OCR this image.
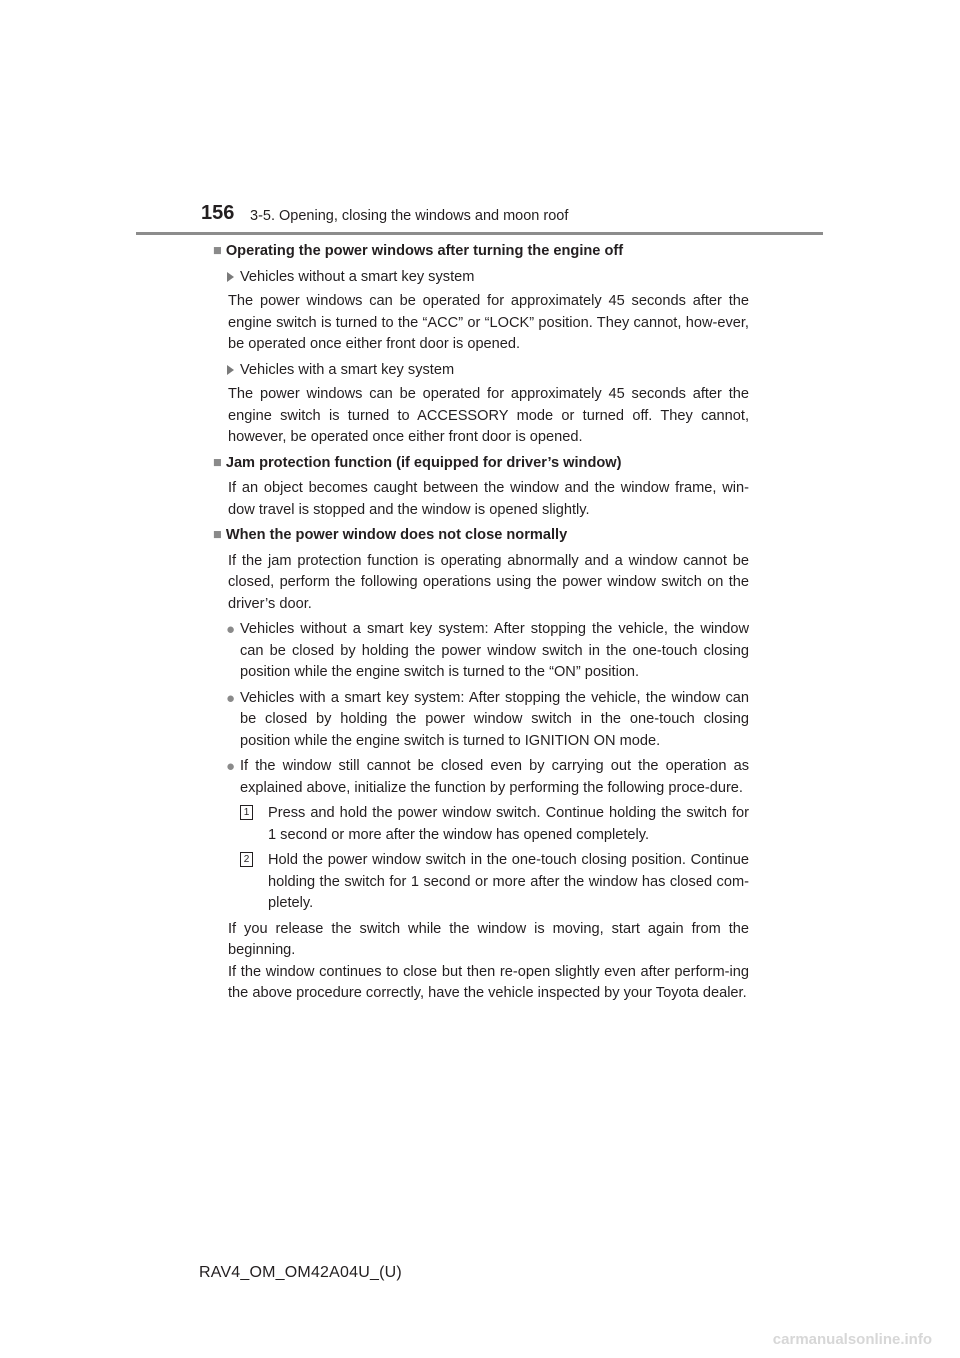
156 3-5. Opening, closing the windows and moon roof
■ Operating the power windows after turning the engine off
Vehicles without a smart key system

The power windows can be operated for approximately 45 seconds after the engine switch is turned to the “ACC” or “LOCK” position. They cannot, how-ever, be operated once either front door is opened.

Vehicles with a smart key system

The power windows can be operated for approximately 45 seconds after the engine switch is turned to ACCESSORY mode or turned off. They cannot, however, be operated once either front door is opened.

■ Jam protection function (if equipped for driver’s window)

If an object becomes caught between the window and the window frame, win-dow travel is stopped and the window is opened slightly.

■ When the power window does not close normally

If the jam protection function is operating abnormally and a window cannot be closed, perform the following operations using the power window switch on the driver’s door.

● Vehicles without a smart key system: After stopping the vehicle, the window can be closed by holding the power window switch in the one-touch closing position while the engine switch is turned to the “ON” position.
● Vehicles with a smart key system: After stopping the vehicle, the window can be closed by holding the power window switch in the one-touch closing position while the engine switch is turned to IGNITION ON mode.
● If the window still cannot be closed even by carrying out the operation as explained above, initialize the function by performing the following proce-dure.
1 Press and hold the power window switch. Continue holding the switch for 1 second or more after the window has opened completely.
2 Hold the power window switch in the one-touch closing position. Continue holding the switch for 1 second or more after the window has closed com-pletely.
If you release the switch while the window is moving, start again from the beginning.
If the window continues to close but then re-open slightly even after perform-ing the above procedure correctly, have the vehicle inspected by your Toyota dealer.
RAV4_OM_OM42A04U_(U)
carmanualsonline.info
